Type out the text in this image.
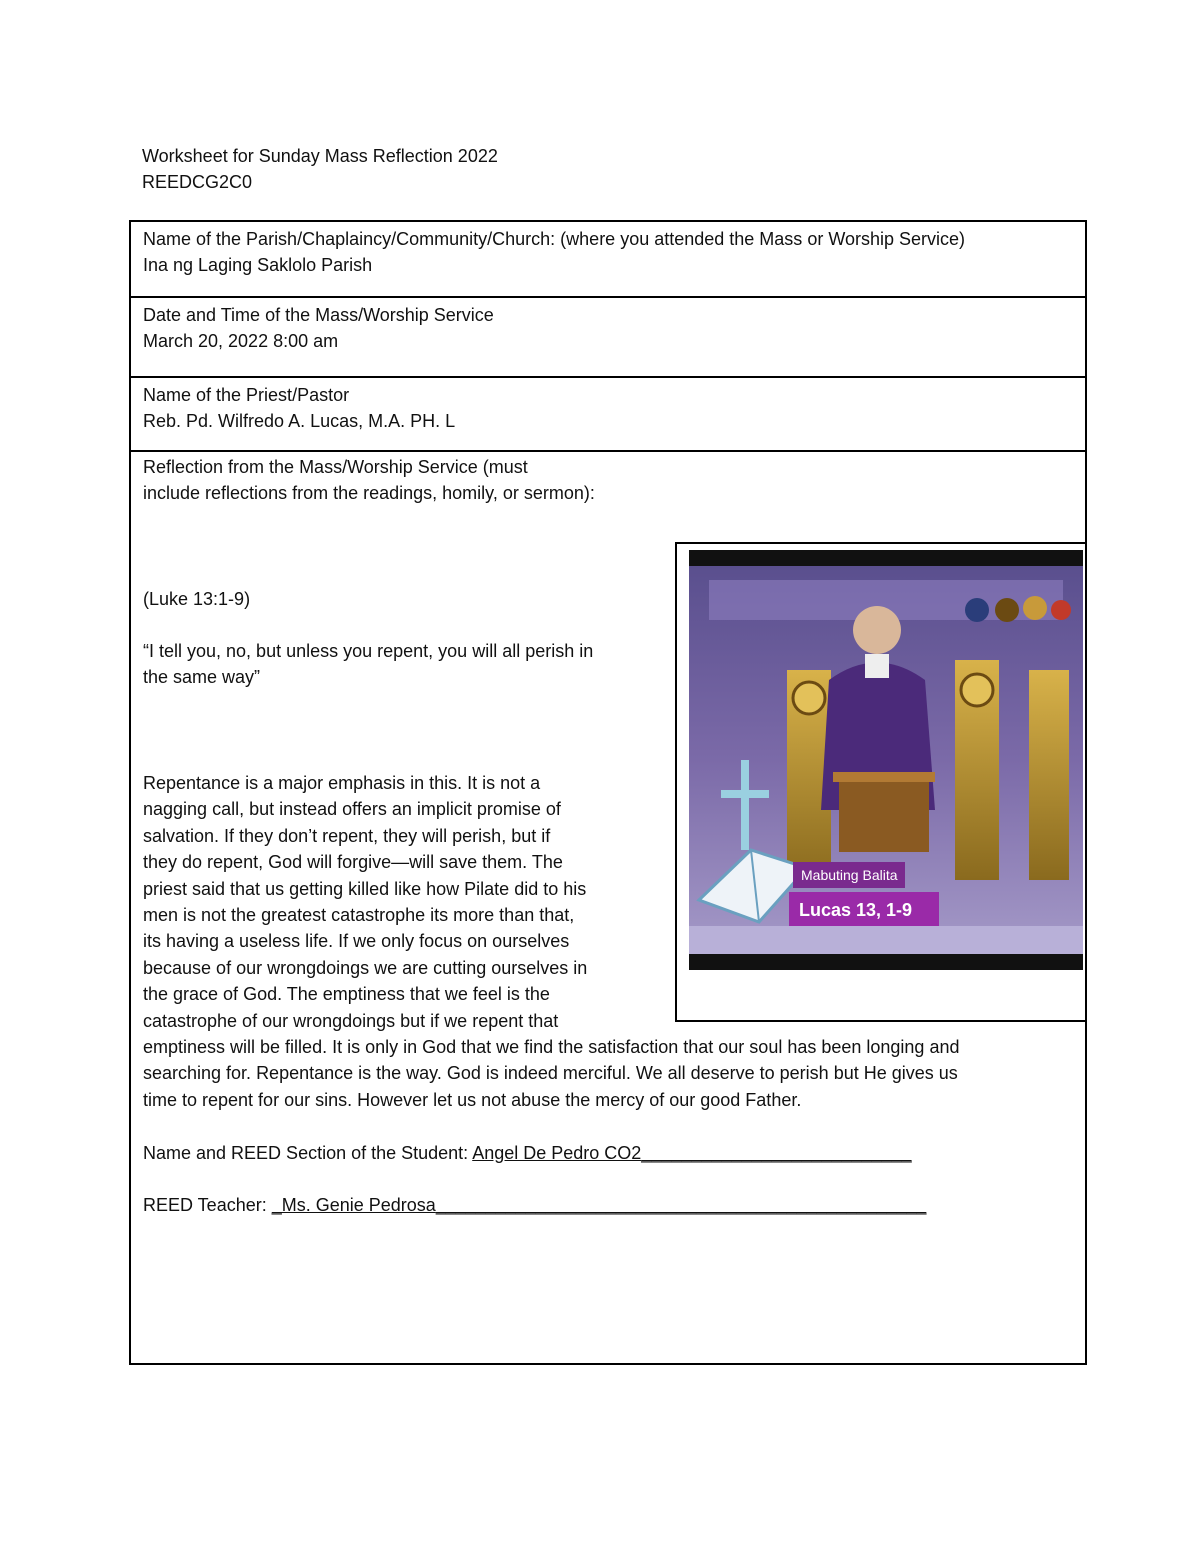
Worksheet for Sunday Mass Reflection 2022
REEDCG2C0
Name of the Parish/Chaplaincy/Community/Church: (where you attended the Mass or Worship Service)
Ina ng Laging Saklolo Parish
Date and Time of the Mass/Worship Service
March 20, 2022 8:00 am
Name of the Priest/Pastor
Reb. Pd. Wilfredo A. Lucas, M.A. PH. L
Reflection from the Mass/Worship Service (must
include reflections from the readings, homily, or sermon):
(Luke 13:1-9)
“I tell you, no, but unless you repent, you will all perish in
the same way”
Repentance is a major emphasis in this. It is not a
nagging call, but instead offers an implicit promise of
salvation. If they don’t repent, they will perish, but if
they do repent, God will forgive—will save them. The
priest said that us getting killed like how Pilate did to his
men is not the greatest catastrophe its more than that,
its having a useless life. If we only focus on ourselves
because of our wrongdoings we are cutting ourselves in
the grace of God. The emptiness that we feel is the
catastrophe of our wrongdoings but if we repent that
emptiness will be filled. It is only in God that we find the satisfaction that our soul has been longing and
searching for. Repentance is the way. God is indeed merciful. We all deserve to perish but He gives us
time to repent for our sins. However let us not abuse the mercy of our good Father.
Name and REED Section of the Student: Angel De Pedro CO2___________________________
REED Teacher: _Ms. Genie Pedrosa_________________________________________________
Mabuting Balita
Lucas 13, 1-9
